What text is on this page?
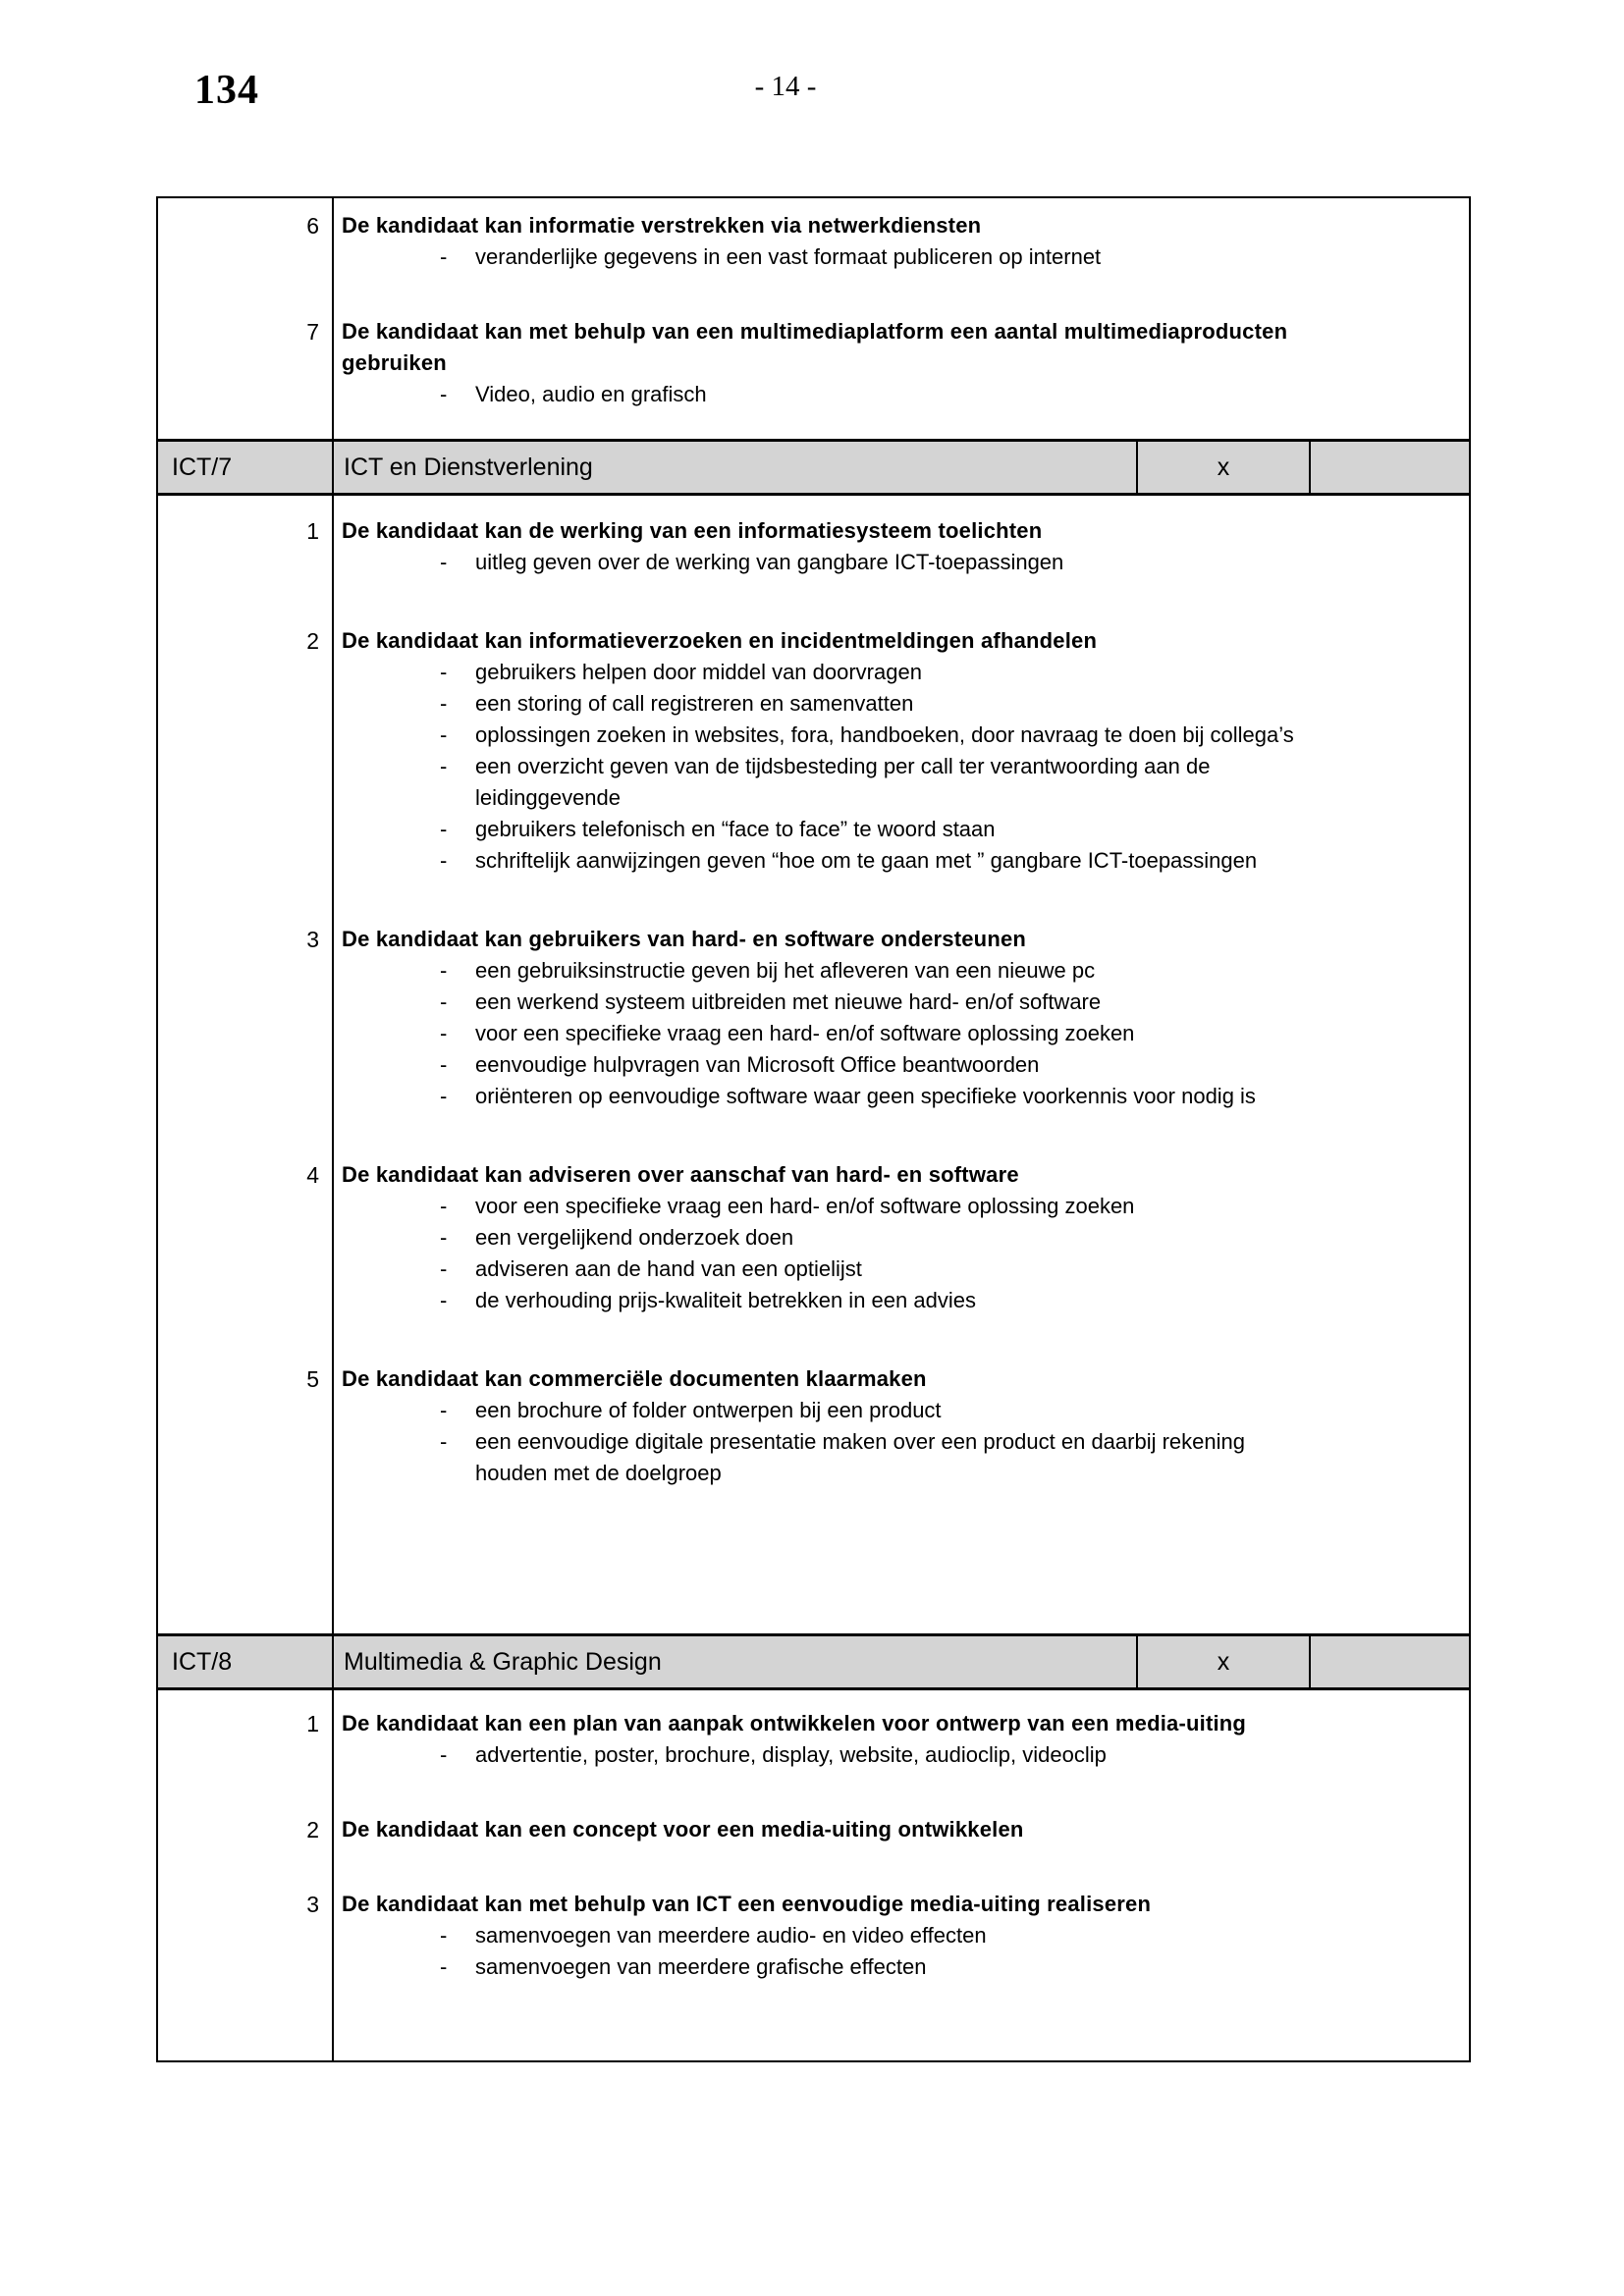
134	- 14 -
6	De kandidaat kan informatie verstrekken via netwerkdiensten
-	veranderlijke gegevens in een vast formaat publiceren op internet
7	De kandidaat kan met behulp van een multimediaplatform een aantal multimediaproducten gebruiken
-	Video, audio en grafisch
ICT/7	ICT en Dienstverlening	x
1	De kandidaat kan de werking van een informatiesysteem toelichten
-	uitleg geven over de werking van gangbare ICT-toepassingen
2	De kandidaat kan informatieverzoeken en incidentmeldingen afhandelen
-	gebruikers helpen door middel van doorvragen
-	een storing of call registreren en samenvatten
-	oplossingen zoeken in websites, fora, handboeken, door navraag te doen bij collega’s
-	een overzicht geven van de tijdsbesteding per call ter verantwoording aan de leidinggevende
-	gebruikers telefonisch en “face to face” te woord staan
-	schriftelijk aanwijzingen geven “hoe om te gaan met ” gangbare ICT-toepassingen
3	De kandidaat kan gebruikers van hard- en software ondersteunen
-	een gebruiksinstructie geven bij het afleveren van een nieuwe pc
-	een werkend systeem uitbreiden met nieuwe hard- en/of software
-	voor een specifieke vraag een hard- en/of software oplossing zoeken
-	eenvoudige hulpvragen van Microsoft Office beantwoorden
-	oriënteren op eenvoudige software waar geen specifieke voorkennis voor nodig is
4	De kandidaat kan adviseren over aanschaf van hard- en software
-	voor een specifieke vraag een hard- en/of software oplossing zoeken
-	een vergelijkend onderzoek doen
-	adviseren aan de hand van een optielijst
-	de verhouding prijs-kwaliteit betrekken in een advies
5	De kandidaat kan commerciële documenten klaarmaken
-	een brochure of folder ontwerpen bij een product
-	een eenvoudige digitale presentatie maken over een product en daarbij rekening houden met de doelgroep
ICT/8	Multimedia & Graphic Design	x
1	De kandidaat kan een plan van aanpak ontwikkelen voor ontwerp van een media-uiting
-	advertentie, poster, brochure, display, website, audioclip, videoclip
2	De kandidaat kan een concept voor een media-uiting ontwikkelen
3	De kandidaat kan met behulp van ICT een eenvoudige media-uiting realiseren
-	samenvoegen van meerdere audio- en video effecten
-	samenvoegen van meerdere grafische effecten
